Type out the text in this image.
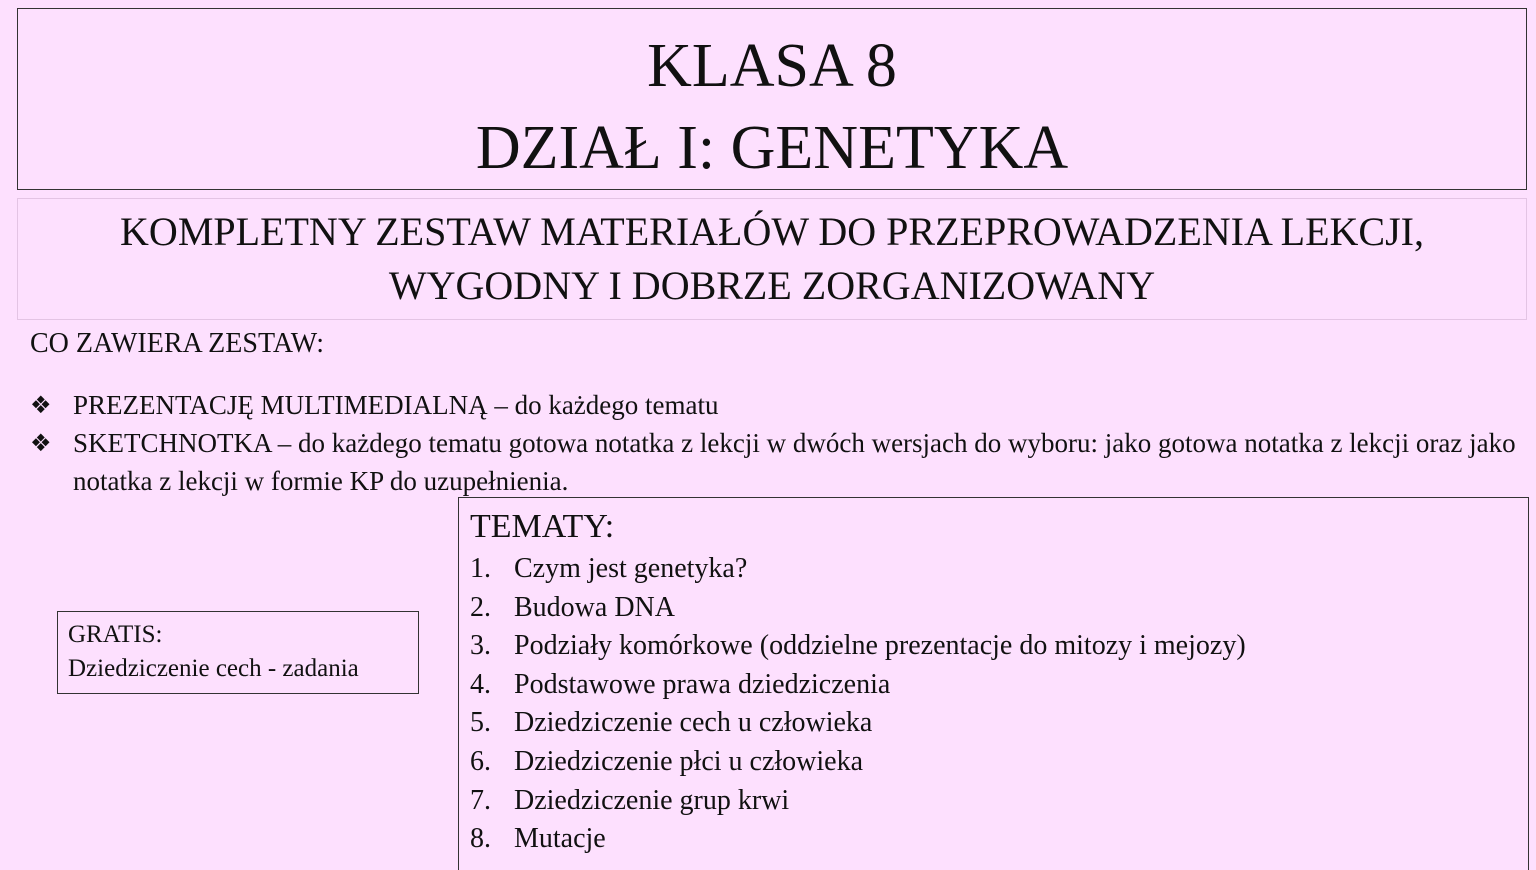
KLASA 8
DZIAŁ I: GENETYKA
KOMPLETNY ZESTAW MATERIAŁÓW DO PRZEPROWADZENIA LEKCJI,
WYGODNY I DOBRZE ZORGANIZOWANY
CO ZAWIERA ZESTAW:
❖ PREZENTACJĘ MULTIMEDIALNĄ – do każdego tematu
❖ SKETCHNOTKA – do każdego tematu gotowa notatka z lekcji w dwóch wersjach do wyboru: jako gotowa notatka z lekcji oraz jako notatka z lekcji w formie KP do uzupełnienia.
GRATIS:
Dziedziczenie cech - zadania
TEMATY:
1. Czym jest genetyka?
2. Budowa DNA
3. Podziały komórkowe (oddzielne prezentacje do mitozy i mejozy)
4. Podstawowe prawa dziedziczenia
5. Dziedziczenie cech u człowieka
6. Dziedziczenie płci u człowieka
7. Dziedziczenie grup krwi
8. Mutacje
